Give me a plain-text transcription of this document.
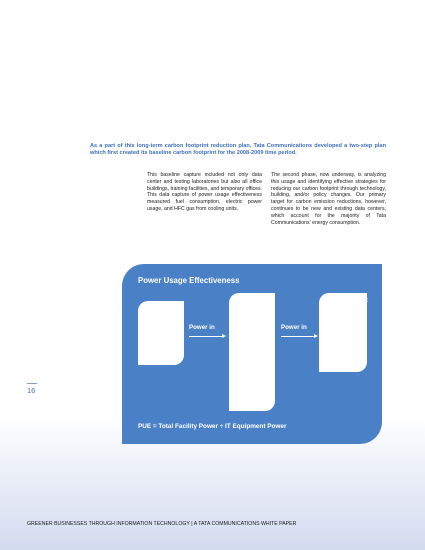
As a part of this long-term carbon footprint reduction plan, Tata Communications developed a two-step plan which first created its baseline carbon footprint for the 2008-2009 time period.
This baseline capture included not only data center and testing laboratories but also all office buildings, training facilities, and temporary offices. This data capture of power usage effectiveness measured fuel consumption, electric power usage, and HFC gas from cooling units.
The second phase, now underway, is analyzing this usage and identifying effective strategies for reducing our carbon footprint through technology, building, and/or policy changes. Our primary target for carbon emission reductions, however, continues to be new and existing data centers, which account for the majority of Tata Communications' energy consumption.
Power Usage Effectiveness
Utility Company	Power in	Power in
Total Facility Power
Power
• Switchgear
• UPS
• Battery Backup
Cooling
• Chillers
• CRACs
IT Equipment Power
• Servers
• Storage
• Telco Equipment
PUE = Total Facility Power ÷ IT Equipment Power
16
GREENER BUSINESSES THROUGH INFORMATION TECHNOLOGY | A TATA COMMUNICATIONS WHITE PAPER
